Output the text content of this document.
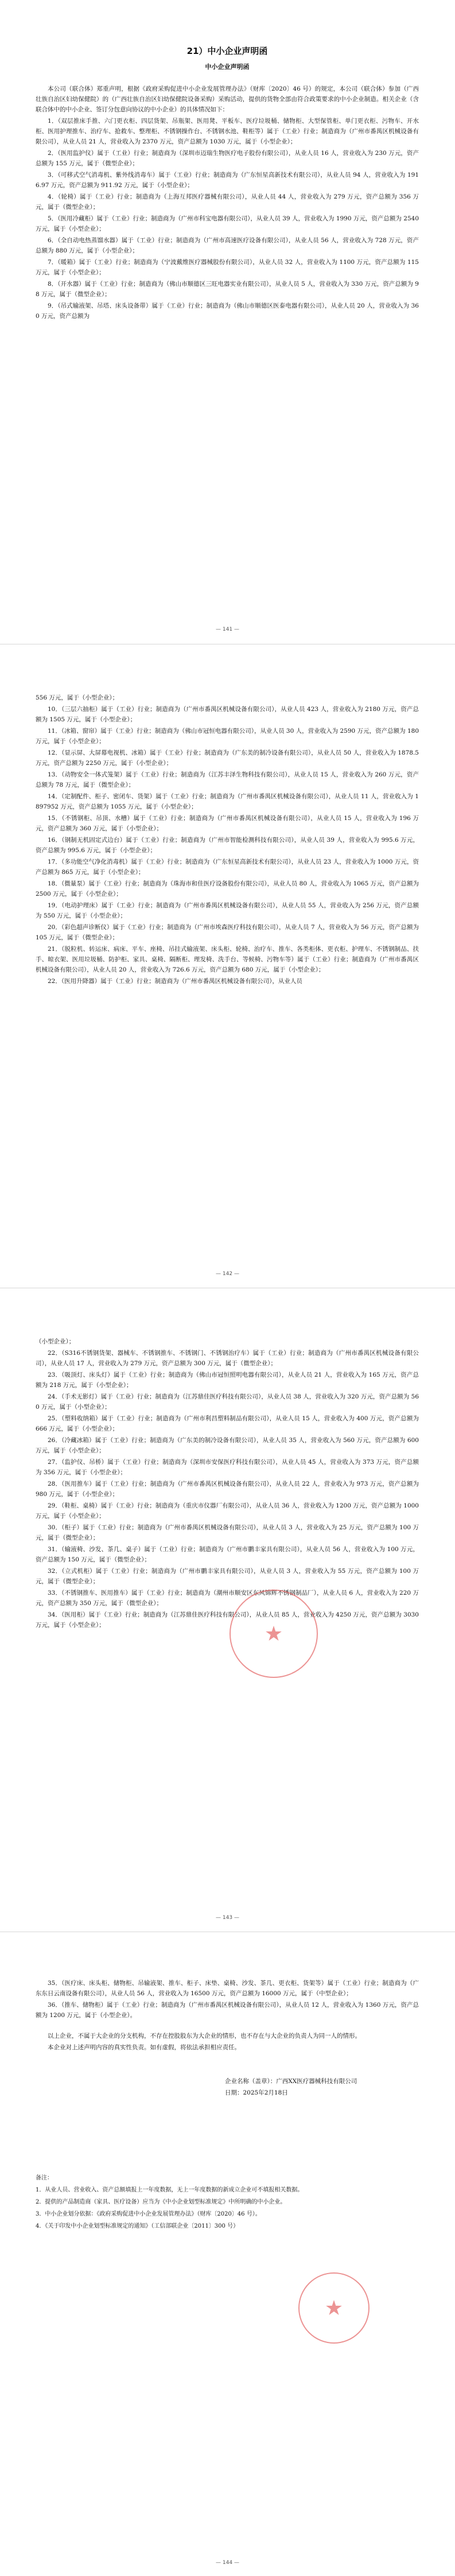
21）中小企业声明函
中小企业声明函

本公司（联合体）郑重声明，根据《政府采购促进中小企业发展管理办法》（财库〔2020〕46 号）的规定，本公司（联合体）参加（广西壮族自治区妇幼保健院）的（广西壮族自治区妇幼保健院设备采购）采购活动，提供的货物全部由符合政策要求的中小企业制造。相关企业（含联合体中的中小企业、签订分包意向协议的中小企业）的具体情况如下：

1．（双层推床手推、六门更衣柜、四层货架、吊瓶架、医用凳、平板车、医疗垃圾桶、储物柜、大型保管柜、单门更衣柜、污物车、开水柜、医用护理推车、治疗车、抢救车、整理柜、不锈钢操作台、不锈钢水池、鞋柜等）属于（工业）行业；制造商为（广州市番禺区机械设备有限公司），从业人员 21 人，营业收入为 2370 万元，资产总额为 1030 万元，属于（小型企业）；

2．（医用监护仪）属于（工业）行业；制造商为（深圳市迈瑞生物医疗电子股份有限公司），从业人员 16 人，营业收入为 230 万元，资产总额为 155 万元，属于（微型企业）；

3．（可移式空气消毒机、紫外线消毒车）属于（工业）行业；制造商为（广东恒星高新技术有限公司），从业人员 94 人，营业收入为 1916.97 万元，资产总额为 911.92 万元，属于（小型企业）；

4．（轮椅）属于（工业）行业；制造商为（上海互邦医疗器械有限公司），从业人员 44 人，营业收入为 279 万元，资产总额为 356 万元，属于（微型企业）；

5．（医用冷藏柜）属于（工业）行业；制造商为（广州市科宝电器有限公司），从业人员 39 人，营业收入为 1990 万元，资产总额为 2540 万元，属于（小型企业）；

6．（全自动电热蒸馏水器）属于（工业）行业；制造商为（广州市高速医疗设备有限公司），从业人员 56 人，营业收入为 728 万元，资产总额为 880 万元，属于（小型企业）；

7．（暖箱）属于（工业）行业；制造商为（宁波戴维医疗器械股份有限公司），从业人员 32 人，营业收入为 1100 万元，资产总额为 115 万元，属于（小型企业）；

8．（开水器）属于（工业）行业；制造商为（佛山市顺德区三旺电器实业有限公司），从业人员 5 人，营业收入为 330 万元，资产总额为 98 万元，属于（微型企业）；

9．（吊式输液架、吊塔、床头设备带）属于（工业）行业；制造商为（佛山市顺德区医泰电器有限公司），从业人员 20 人，营业收入为 360 万元，资产总额为

— 141 —

556 万元，属于（小型企业）；

10．（三层六抽柜）属于（工业）行业；制造商为（广州市番禺区机械设备有限公司），从业人员 423 人，营业收入为 2180 万元，资产总额为 1505 万元，属于（小型企业）；

11．（冰箱、窗帘）属于（工业）行业；制造商为（佛山市冠恒电器有限公司），从业人员 30 人，营业收入为 2590 万元，资产总额为 180 万元，属于（小型企业）；

12．（显示屏、大屏幕电视机、冰箱）属于（工业）行业；制造商为（广东美的制冷设备有限公司），从业人员 50 人，营业收入为 1878.5 万元，资产总额为 2250 万元，属于（小型企业）；

13．（动物安全一体式笼架）属于（工业）行业；制造商为（江苏丰泽生物科技有限公司），从业人员 15 人，营业收入为 260 万元，资产总额为 78 万元，属于（微型企业）；

14．（定制配件、柜子、密闭车、货架）属于（工业）行业；制造商为（广州市番禺区机械设备有限公司），从业人员 11 人，营业收入为 1897952 万元，资产总额为 1055 万元，属于（小型企业）；

15．（不锈钢柜、吊顶、水槽）属于（工业）行业；制造商为（广州市番禺区机械设备有限公司），从业人员 15 人，营业收入为 196 万元，资产总额为 360 万元，属于（小型企业）；

16．（钢制无机固定式边台）属于（工业）行业；制造商为（广州市智能检测科技有限公司），从业人员 39 人，营业收入为 995.6 万元，资产总额为 995.6 万元，属于（小型企业）；

17．（多功能空气净化消毒机）属于（工业）行业；制造商为（广东恒星高新技术有限公司），从业人员 23 人，营业收入为 1000 万元，资产总额为 865 万元，属于（小型企业）；

18．（微量泵）属于（工业）行业；制造商为（珠海市和佳医疗设备股份有限公司），从业人员 80 人，营业收入为 1065 万元，资产总额为 2500 万元，属于（小型企业）；

19．（电动护理床）属于（工业）行业；制造商为（广州市番禺区机械设备有限公司），从业人员 55 人，营业收入为 256 万元，资产总额为 550 万元，属于（小型企业）；

20．（彩色超声诊断仪）属于（工业）行业；制造商为（广州市埃森医疗科技有限公司），从业人员 7 人，营业收入为 56 万元，资产总额为 105 万元，属于（微型企业）；

21．（脱粒机、转运床、病床、平车、座椅、吊挂式输液架、床头柜、轮椅、治疗车、推车、各类柜体、更衣柜、护理车、不锈钢制品、扶手、晾衣架、医用垃圾桶、防护柜、家具、桌椅、隔断柜、理发椅、洗手台、等候椅、污物车等）属于（工业）行业；制造商为（广州市番禺区机械设备有限公司），从业人员 20 人，营业收入为 726.6 万元，资产总额为 680 万元，属于（小型企业）；

22．（医用升降器）属于（工业）行业；制造商为（广州市番禺区机械设备有限公司），从业人员

— 142 —

（小型企业）；

22．（S316不锈钢货架、器械车、不锈钢推车、不锈钢门、不锈钢治疗车）属于（工业）行业；制造商为（广州市番禺区机械设备有限公司），从业人员 17 人，营业收入为 279 万元，资产总额为 300 万元，属于（微型企业）；

23．（吸顶灯、床头灯）属于（工业）行业；制造商为（佛山市冠恒照明电器有限公司），从业人员 21 人，营业收入为 165 万元，资产总额为 218 万元，属于（小型企业）；

24．（手术无影灯）属于（工业）行业；制造商为（江苏鼎佳医疗科技有限公司），从业人员 38 人，营业收入为 320 万元，资产总额为 560 万元，属于（小型企业）；

25．（塑料收纳箱）属于（工业）行业；制造商为（广州市利昌塑料制品有限公司），从业人员 15 人，营业收入为 400 万元，资产总额为 666 万元，属于（小型企业）；

26．（冷藏冰箱）属于（工业）行业；制造商为（广东美的制冷设备有限公司），从业人员 35 人，营业收入为 560 万元，资产总额为 600 万元，属于（小型企业）；

27．（监护仪、吊桥）属于（工业）行业；制造商为（深圳市安保医疗科技有限公司），从业人员 45 人，营业收入为 373 万元，资产总额为 356 万元，属于（小型企业）；

28．（医用推车）属于（工业）行业；制造商为（广州市番禺区机械设备有限公司），从业人员 22 人，营业收入为 973 万元，资产总额为 980 万元，属于（小型企业）；

29．（鞋柜、桌椅）属于（工业）行业；制造商为（重庆市仪器厂有限公司），从业人员 36 人，营业收入为 1200 万元，资产总额为 1000 万元，属于（小型企业）；

30．（柜子）属于（工业）行业；制造商为（广州市番禺区机械设备有限公司），从业人员 3 人，营业收入为 25 万元，资产总额为 100 万元，属于（微型企业）；

31．（输液椅、沙发、茶几、桌子）属于（工业）行业；制造商为（广州市鹏丰家具有限公司），从业人员 56 人，营业收入为 100 万元，资产总额为 150 万元，属于（微型企业）；

32．（立式机柜）属于（工业）行业；制造商为（广州市鹏丰家具有限公司），从业人员 3 人，营业收入为 55 万元，资产总额为 100 万元，属于（微型企业）；

33．（不锈钢推车、医用推车）属于（工业）行业；制造商为（潮州市顺安区东风锦辉不锈钢制品厂），从业人员 6 人，营业收入为 220 万元，资产总额为 350 万元，属于（微型企业）；

34．（医用柜）属于（工业）行业；制造商为（江苏鼎佳医疗科技有限公司），从业人员 85 人，营业收入为 4250 万元，资产总额为 3030 万元，属于（小型企业）；

— 143 —
★

35．（医疗床、床头柜、储物柜、吊输液架、推车、柜子、床垫、桌椅、沙发、茶几、更衣柜、货架等）属于（工业）行业；制造商为（广东东日云南设备有限公司），从业人员 56 人，营业收入为 16500 万元，资产总额为 16000 万元，属于（中型企业）；

36．（推车、储物柜）属于（工业）行业；制造商为（广州市番禺区机械设备有限公司），从业人员 12 人，营业收入为 1360 万元，资产总额为 1200 万元，属于（小型企业）。

以上企业，不属于大企业的分支机构，不存在控股股东为大企业的情形，也不存在与大企业的负责人为同一人的情形。

本企业对上述声明内容的真实性负责。如有虚假，将依法承担相应责任。

企业名称（盖章）：广西XX医疗器械科技有限公司
日期：2025年2月18日

备注：

1．从业人员、营业收入、资产总额填报上一年度数据，无上一年度数据的新成立企业可不填报相关数据。

2．提供的产品制造商（家具、医疗设备）应当为《中小企业划型标准规定》中所明确的中小企业。

3．中小企业划分依据：《政府采购促进中小企业发展管理办法》（财库〔2020〕46 号）。

4．《关于印发中小企业划型标准规定的通知》（工信部联企业〔2011〕300 号）

— 144 —
★
